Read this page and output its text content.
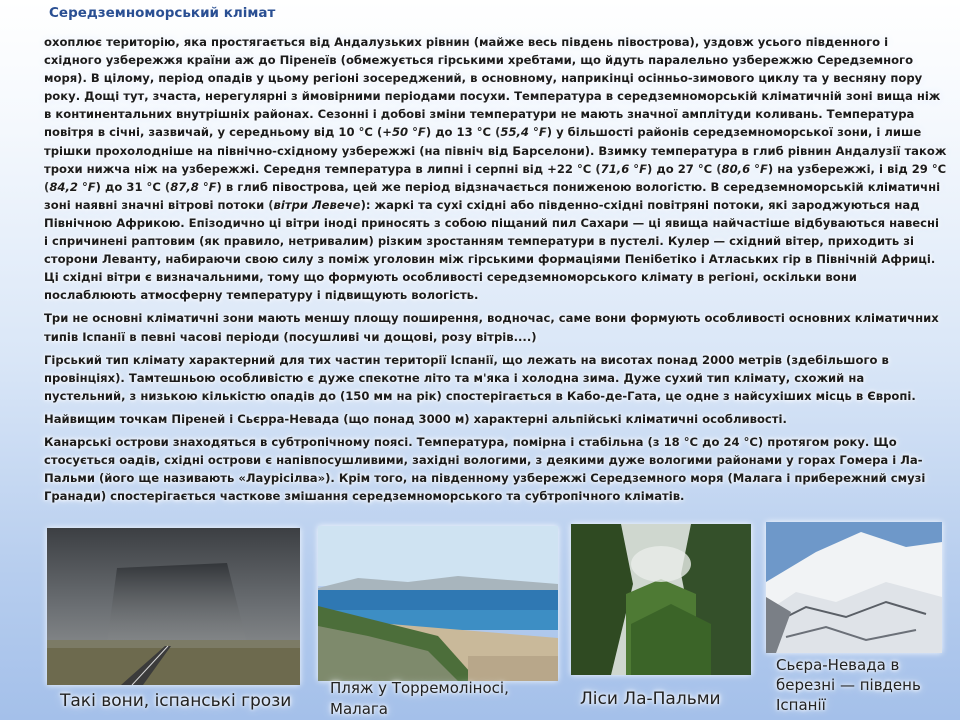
Середземноморський клімат

охоплює територію, яка простягається від Андалузьких рівнин (майже весь південь півострова), уздовж усього південного і східного узбережжя країни аж до Піренеїв (обмежується гірськими хребтами, що йдуть паралельно узбережжю Середземного моря). В цілому, період опадів у цьому регіоні зосереджений, в основному, наприкінці осінньо-зимового циклу та у весняну пору року. Дощі тут, зчаста, нерегулярні з ймовірними періодами посухи. Температура в середземноморській кліматичній зоні вища ніж в континентальних внутрішніх районах. Сезонні і добові зміни температури не мають значної амплітуди коливань. Температура повітря в січні, зазвичай, у середньому від 10 °C (+50 °F) до 13 °C (55,4 °F) у більшості районів середземноморської зони, і лише трішки прохолодніше на північно-східному узбережжі (на північ від Барселони). Взимку температура в глиб рівнин Андалузії також трохи нижча ніж на узбережжі. Середня температура в липні і серпні від +22 °C (71,6 °F) до 27 °C (80,6 °F) на узбережжі, і від 29 °C (84,2 °F) до 31 °C (87,8 °F) в глиб півострова, цей же період відзначається пониженою вологістю. В середземноморській кліматичні зоні наявні значні вітрові потоки (вітри Левече): жаркі та сухі східні або південно-східні повітряні потоки, які зароджуються над Північною Африкою. Епізодично ці вітри іноді приносять з собою піщаний пил Сахари — ці явища найчастіше відбуваються навесні і спричинені раптовим (як правило, нетривалим) різким зростанням температури в пустелі. Кулер — східний вітер, приходить зі сторони Леванту, набираючи свою силу з поміж уголовин між гірськими формаціями Пенібетіко і Атлаських гір в Північній Африці. Ці східні вітри є визначальними, тому що формують особливості середземноморського клімату в регіоні, оскільки вони послаблюють атмосферну температуру і підвищують вологість.

Три не основні кліматичні зони мають меншу площу поширення, водночас, саме вони формують особливості основних кліматичних типів Іспанії в певні часові періоди (посушливі чи дощові, розу вітрів....)

Гірський тип клімату характерний для тих частин території Іспанії, що лежать на висотах понад 2000 метрів (здебільшого в провінціях). Тамтешньою особливістю є дуже спекотне літо та м'яка і холодна зима. Дуже сухий тип клімату, схожий на пустельний, з низькою кількістю опадів до (150 мм на рік) спостерігається в Кабо-де-Гата, це одне з найсухіших місць в Європі.

Найвищим точкам Піреней і Сьєрра-Невада (що понад 3000 м) характерні альпійські кліматичні особливості.

Канарські острови знаходяться в субтропічному поясі. Температура, помірна і стабільна (з 18 °C до 24 °C) протягом року. Що стосується оадів, східні острови є напівпосушливими, західні вологими, з деякими дуже вологими районами у горах Гомера і Ла-Пальми (його ще називають «Лаурісілва»). Крім того, на південному узбережжі Середземного моря (Малага і прибережний смузі Гранади) спостерігається часткове змішання середземноморського та субтропічного кліматів.

Такі вони, іспанські грози
Пляж у Торремоліносі, Малага	Ліси Ла-Пальми
Сьєра-Невада в березні — південь Іспанії
